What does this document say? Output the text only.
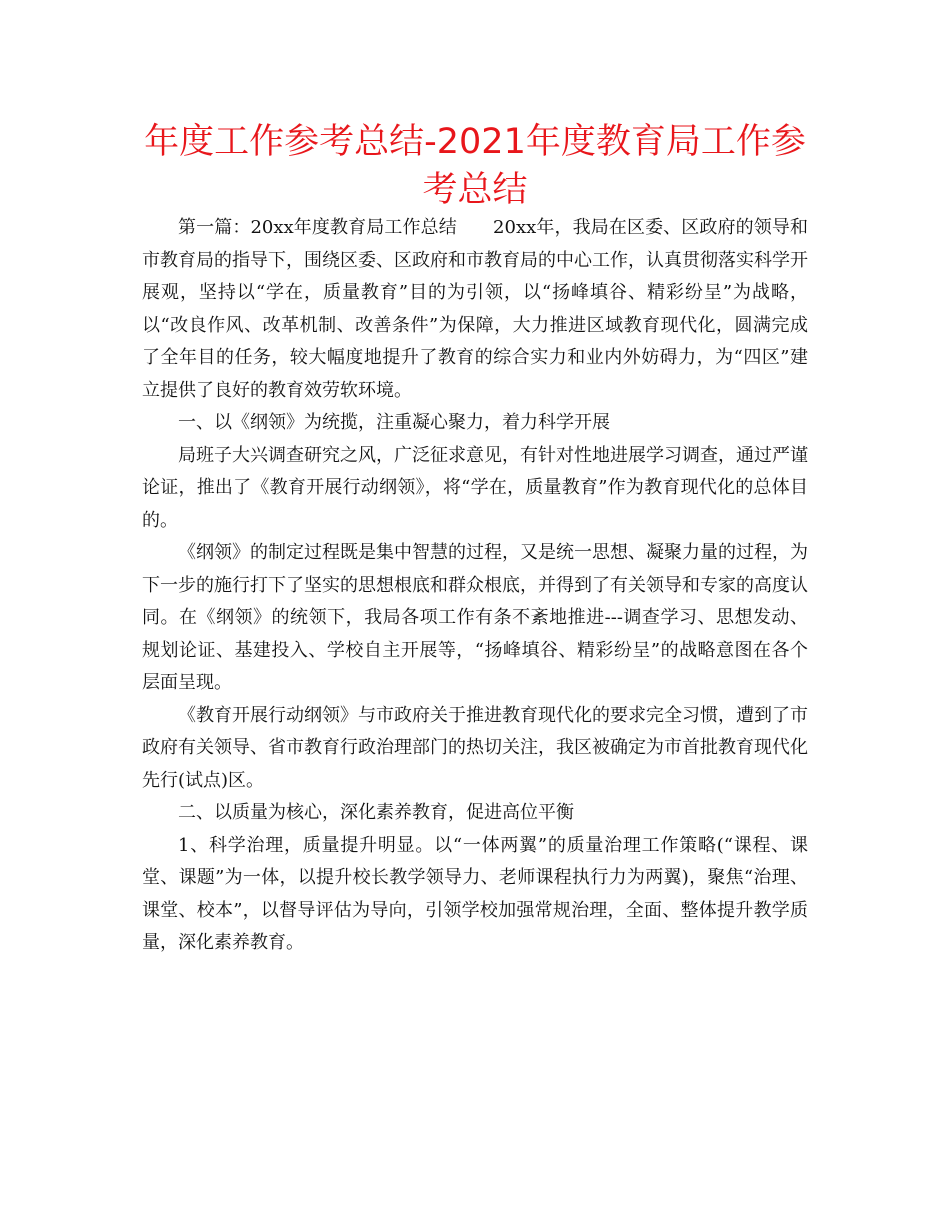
年度工作参考总结-2021年度教育局工作参考总结

第一篇：20xx年度教育局工作总结　　20xx年，我局在区委、区政府的领导和市教育局的指导下，围绕区委、区政府和市教育局的中心工作，认真贯彻落实科学开展观，坚持以“学在，质量教育”目的为引领，以“扬峰填谷、精彩纷呈”为战略，以“改良作风、改革机制、改善条件”为保障，大力推进区域教育现代化，圆满完成了全年目的任务，较大幅度地提升了教育的综合实力和业内外妨碍力，为“四区”建立提供了良好的教育效劳软环境。

一、以《纲领》为统揽，注重凝心聚力，着力科学开展

局班子大兴调查研究之风，广泛征求意见，有针对性地进展学习调查，通过严谨论证，推出了《教育开展行动纲领》，将“学在，质量教育”作为教育现代化的总体目的。

《纲领》的制定过程既是集中智慧的过程，又是统一思想、凝聚力量的过程，为下一步的施行打下了坚实的思想根底和群众根底，并得到了有关领导和专家的高度认同。在《纲领》的统领下，我局各项工作有条不紊地推进---调查学习、思想发动、规划论证、基建投入、学校自主开展等，“扬峰填谷、精彩纷呈”的战略意图在各个层面呈现。

《教育开展行动纲领》与市政府关于推进教育现代化的要求完全习惯，遭到了市政府有关领导、省市教育行政治理部门的热切关注，我区被确定为市首批教育现代化先行(试点)区。

二、以质量为核心，深化素养教育，促进高位平衡

1、科学治理，质量提升明显。以“一体两翼”的质量治理工作策略(“课程、课堂、课题”为一体，以提升校长教学领导力、老师课程执行力为两翼)，聚焦“治理、课堂、校本”，以督导评估为导向，引领学校加强常规治理，全面、整体提升教学质量，深化素养教育。
